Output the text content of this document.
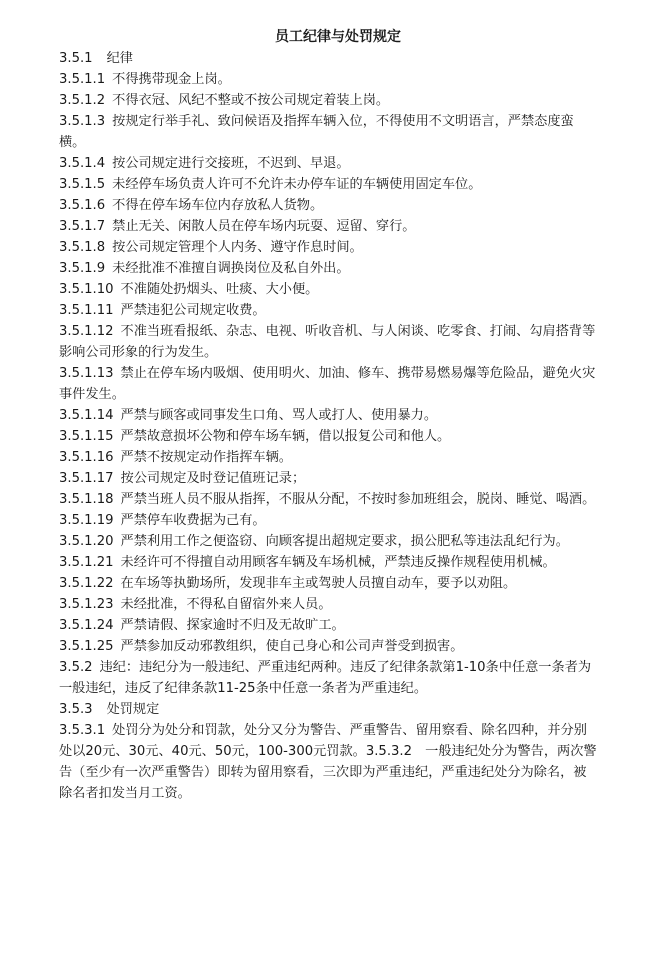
员工纪律与处罚规定

3.5.1 纪律

3.5.1.1 不得携带现金上岗。

3.5.1.2 不得衣冠、风纪不整或不按公司规定着装上岗。

3.5.1.3 按规定行举手礼、致问候语及指挥车辆入位，不得使用不文明语言，严禁态度蛮横。

3.5.1.4 按公司规定进行交接班，不迟到、早退。

3.5.1.5 未经停车场负责人许可不允许未办停车证的车辆使用固定车位。

3.5.1.6 不得在停车场车位内存放私人货物。

3.5.1.7 禁止无关、闲散人员在停车场内玩耍、逗留、穿行。

3.5.1.8 按公司规定管理个人内务、遵守作息时间。

3.5.1.9 未经批准不准擅自调换岗位及私自外出。

3.5.1.10 不准随处扔烟头、吐痰、大小便。

3.5.1.11 严禁违犯公司规定收费。

3.5.1.12 不准当班看报纸、杂志、电视、听收音机、与人闲谈、吃零食、打闹、勾肩搭背等影响公司形象的行为发生。

3.5.1.13 禁止在停车场内吸烟、使用明火、加油、修车、携带易燃易爆等危险品，避免火灾事件发生。

3.5.1.14 严禁与顾客或同事发生口角、骂人或打人、使用暴力。

3.5.1.15 严禁故意损坏公物和停车场车辆，借以报复公司和他人。

3.5.1.16 严禁不按规定动作指挥车辆。

3.5.1.17 按公司规定及时登记值班记录；

3.5.1.18 严禁当班人员不服从指挥，不服从分配，不按时参加班组会，脱岗、睡觉、喝酒。

3.5.1.19 严禁停车收费据为己有。

3.5.1.20 严禁利用工作之便盗窃、向顾客提出超规定要求，损公肥私等违法乱纪行为。

3.5.1.21 未经许可不得擅自动用顾客车辆及车场机械，严禁违反操作规程使用机械。

3.5.1.22 在车场等执勤场所，发现非车主或驾驶人员擅自动车，要予以劝阻。

3.5.1.23 未经批准，不得私自留宿外来人员。

3.5.1.24 严禁请假、探家逾时不归及无故旷工。

3.5.1.25 严禁参加反动邪教组织，使自己身心和公司声誉受到损害。

3.5.2 违纪：违纪分为一般违纪、严重违纪两种。违反了纪律条款第1-10条中任意一条者为一般违纪，违反了纪律条款11-25条中任意一条者为严重违纪。

3.5.3 处罚规定

3.5.3.1 处罚分为处分和罚款，处分又分为警告、严重警告、留用察看、除名四种，并分别处以20元、30元、40元、50元，100-300元罚款。3.5.3.2　一般违纪处分为警告，两次警告（至少有一次严重警告）即转为留用察看，三次即为严重违纪，严重违纪处分为除名，被除名者扣发当月工资。
